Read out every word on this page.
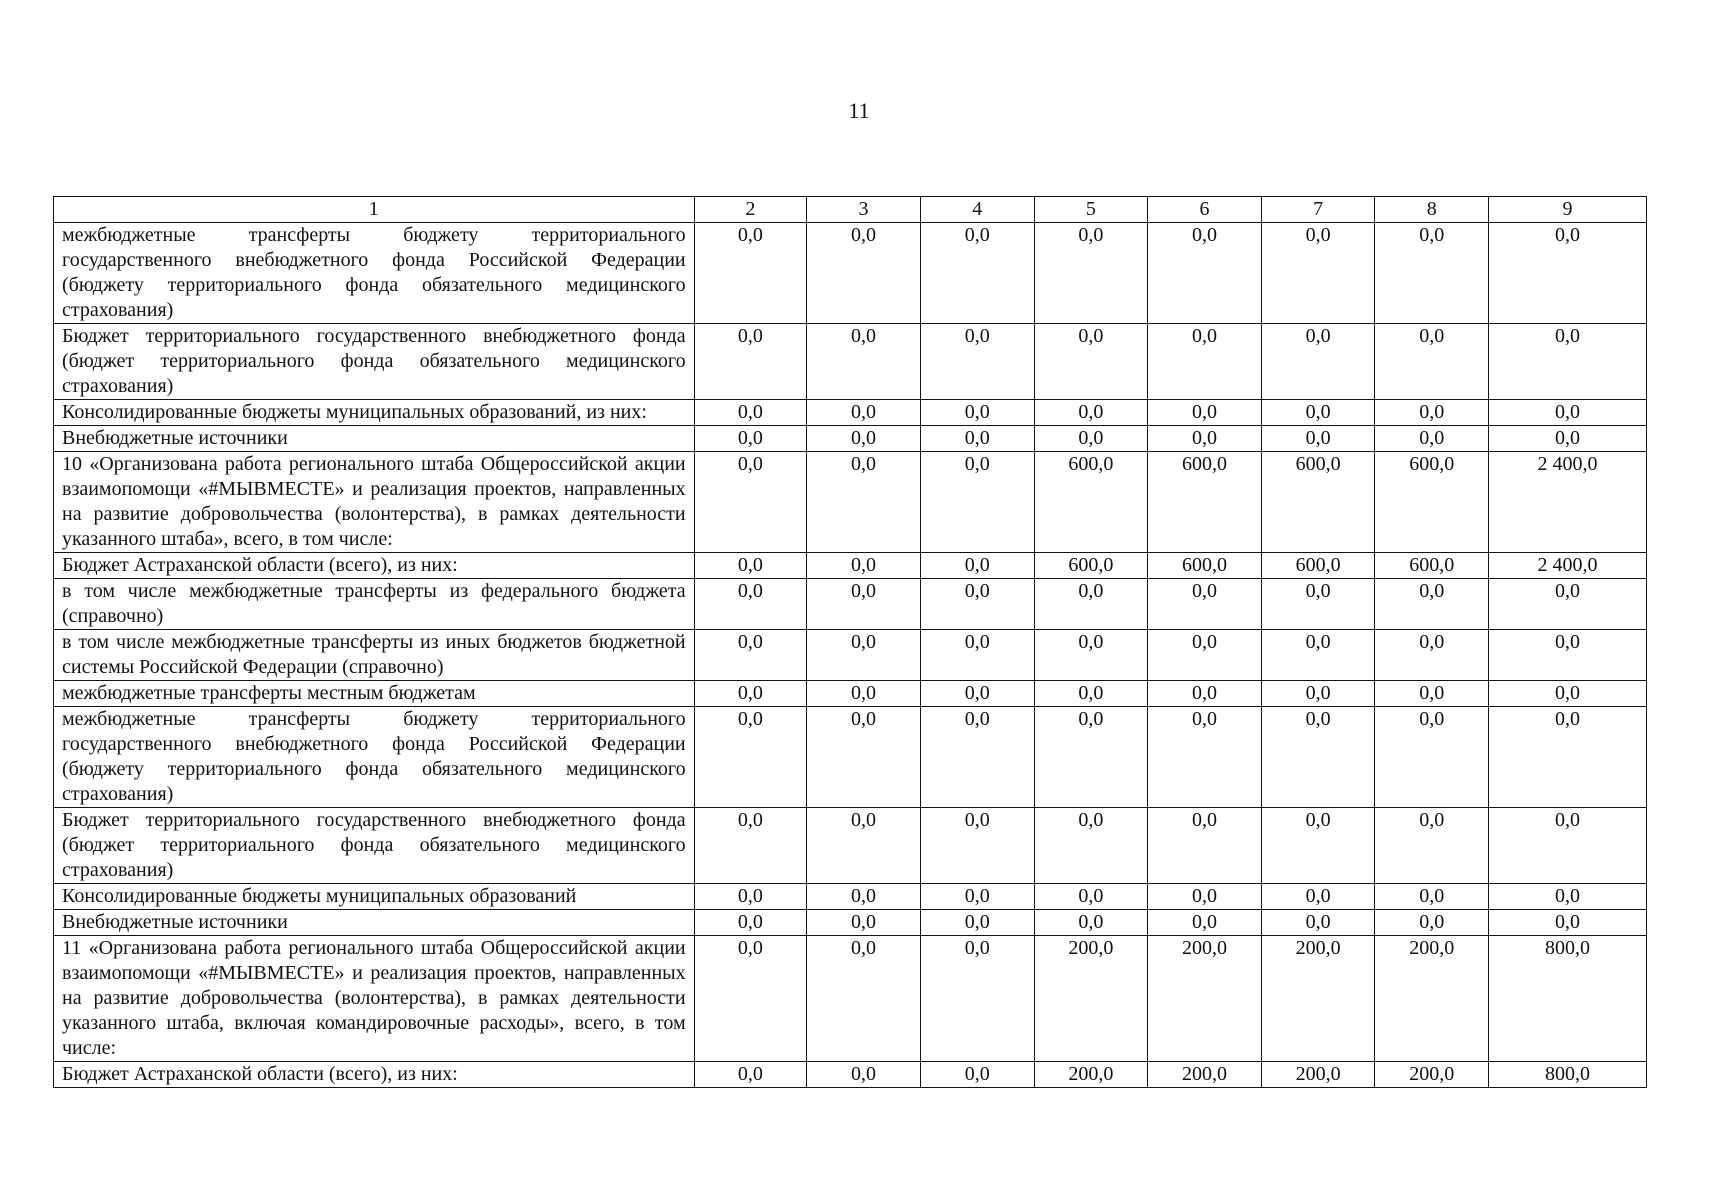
11
1	2	3	4	5	6	7	8	9
межбюджетные трансферты бюджету территориального государственного внебюджетного фонда Российской Федерации (бюджету территориального фонда обязательного медицинского страхования)	0,0	0,0	0,0	0,0	0,0	0,0	0,0	0,0
Бюджет территориального государственного внебюджетного фонда (бюджет территориального фонда обязательного медицинского страхования)	0,0	0,0	0,0	0,0	0,0	0,0	0,0	0,0
Консолидированные бюджеты муниципальных образований, из них:	0,0	0,0	0,0	0,0	0,0	0,0	0,0	0,0
Внебюджетные источники	0,0	0,0	0,0	0,0	0,0	0,0	0,0	0,0
10 «Организована работа регионального штаба Общероссийской акции взаимопомощи «#МЫВМЕСТЕ» и реализация проектов, направленных на развитие добровольчества (волонтерства), в рамках деятельности указанного штаба», всего, в том числе:	0,0	0,0	0,0	600,0	600,0	600,0	600,0	2 400,0
Бюджет Астраханской области (всего), из них:	0,0	0,0	0,0	600,0	600,0	600,0	600,0	2 400,0
в том числе межбюджетные трансферты из федерального бюджета (справочно)	0,0	0,0	0,0	0,0	0,0	0,0	0,0	0,0
в том числе межбюджетные трансферты из иных бюджетов бюджетной системы Российской Федерации (справочно)	0,0	0,0	0,0	0,0	0,0	0,0	0,0	0,0
межбюджетные трансферты местным бюджетам	0,0	0,0	0,0	0,0	0,0	0,0	0,0	0,0
межбюджетные трансферты бюджету территориального государственного внебюджетного фонда Российской Федерации (бюджету территориального фонда обязательного медицинского страхования)	0,0	0,0	0,0	0,0	0,0	0,0	0,0	0,0
Бюджет территориального государственного внебюджетного фонда (бюджет территориального фонда обязательного медицинского страхования)	0,0	0,0	0,0	0,0	0,0	0,0	0,0	0,0
Консолидированные бюджеты муниципальных образований	0,0	0,0	0,0	0,0	0,0	0,0	0,0	0,0
Внебюджетные источники	0,0	0,0	0,0	0,0	0,0	0,0	0,0	0,0
11 «Организована работа регионального штаба Общероссийской акции взаимопомощи «#МЫВМЕСТЕ» и реализация проектов, направленных на развитие добровольчества (волонтерства), в рамках деятельности указанного штаба, включая командировочные расходы», всего, в том числе:	0,0	0,0	0,0	200,0	200,0	200,0	200,0	800,0
Бюджет Астраханской области (всего), из них:	0,0	0,0	0,0	200,0	200,0	200,0	200,0	800,0
